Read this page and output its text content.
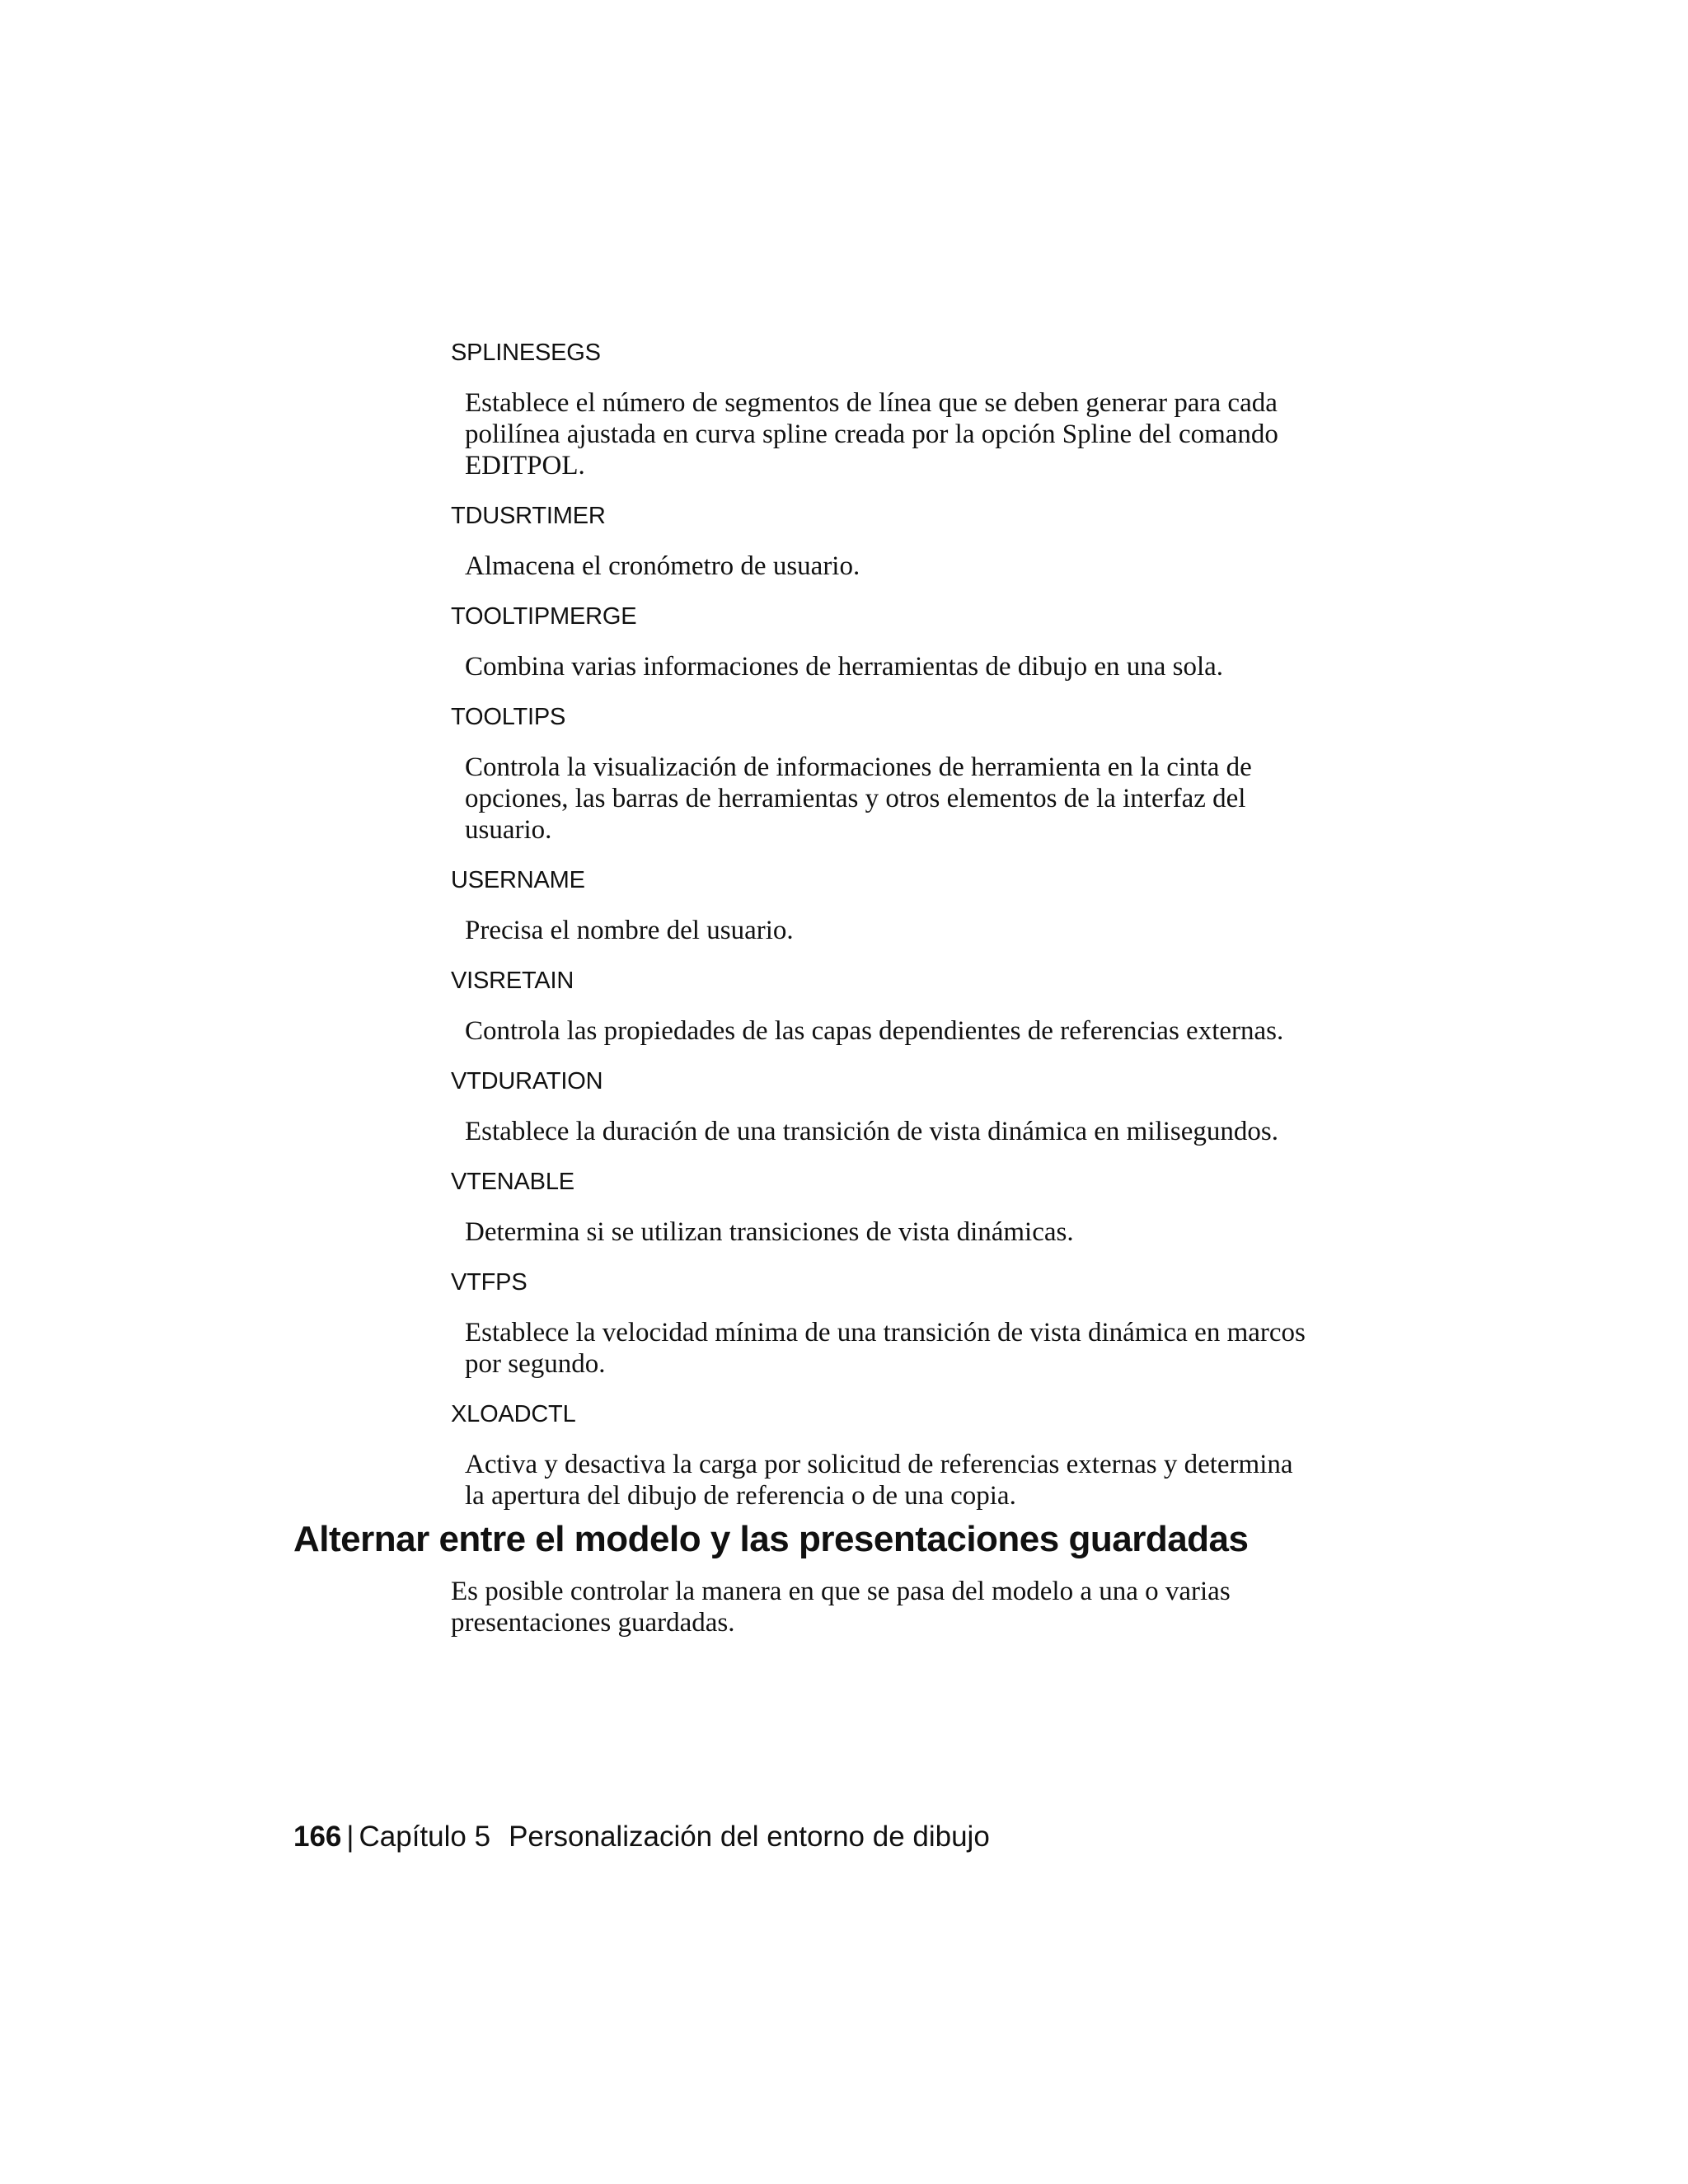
SPLINESEGS
Establece el número de segmentos de línea que se deben generar para cada
polilínea ajustada en curva spline creada por la opción Spline del comando
EDITPOL.
TDUSRTIMER
Almacena el cronómetro de usuario.
TOOLTIPMERGE
Combina varias informaciones de herramientas de dibujo en una sola.
TOOLTIPS
Controla la visualización de informaciones de herramienta en la cinta de
opciones, las barras de herramientas y otros elementos de la interfaz del
usuario.
USERNAME
Precisa el nombre del usuario.
VISRETAIN
Controla las propiedades de las capas dependientes de referencias externas.
VTDURATION
Establece la duración de una transición de vista dinámica en milisegundos.
VTENABLE
Determina si se utilizan transiciones de vista dinámicas.
VTFPS
Establece la velocidad mínima de una transición de vista dinámica en marcos
por segundo.
XLOADCTL
Activa y desactiva la carga por solicitud de referencias externas y determina
la apertura del dibujo de referencia o de una copia.
Alternar entre el modelo y las presentaciones guardadas

Es posible controlar la manera en que se pasa del modelo a una o varias
presentaciones guardadas.

166 | Capítulo 5 Personalización del entorno de dibujo
